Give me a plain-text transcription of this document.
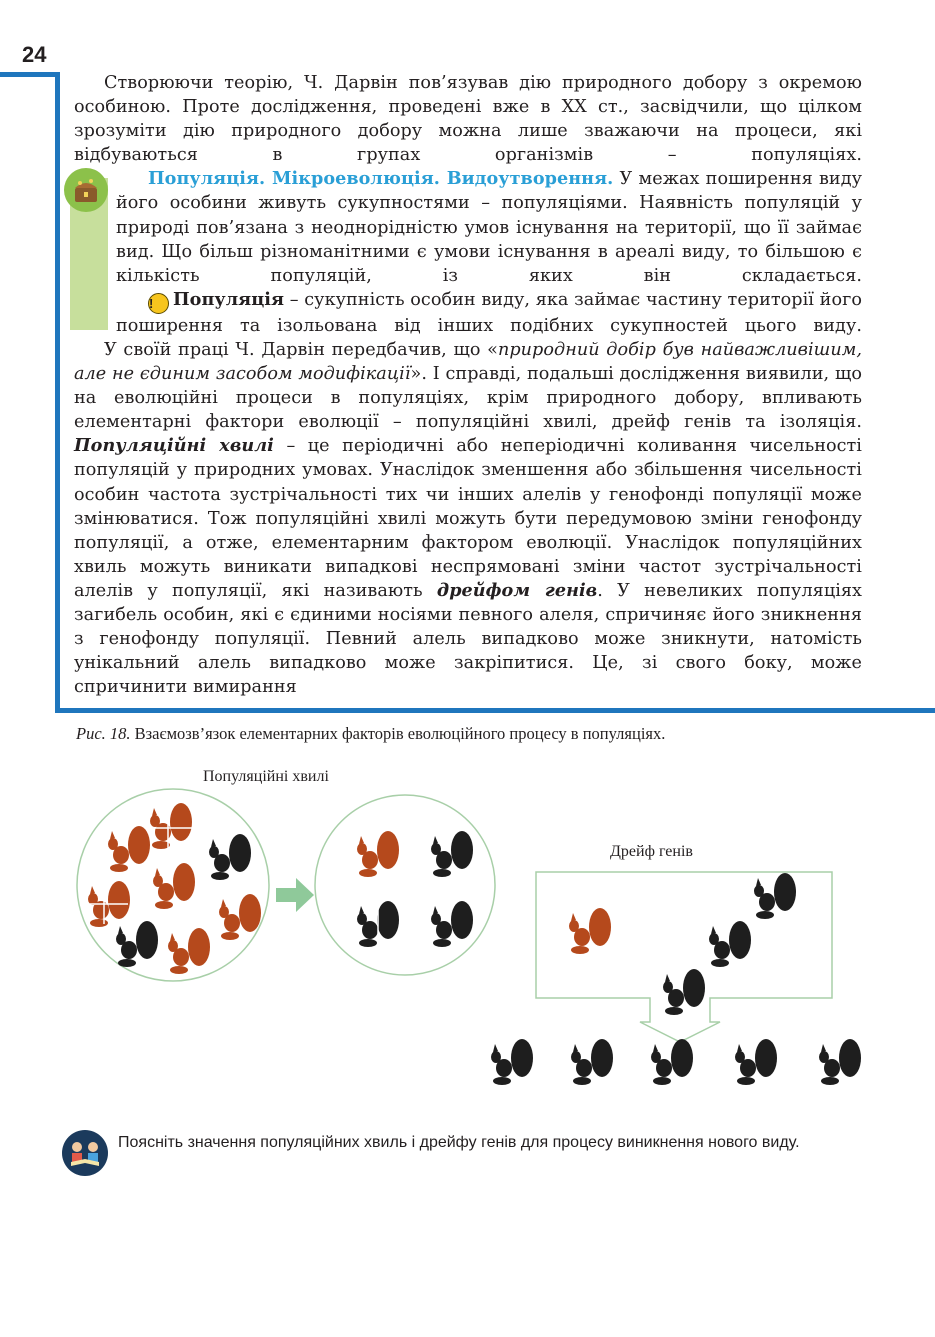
24

Створюючи теорію, Ч. Дарвін пов’язував дію природного добору з окремою особиною. Проте дослідження, проведені вже в XX ст., засвідчили, що цілком зрозуміти дію природного добору можна лише зважаючи на процеси, які відбуваються в групах організмів – популяціях.

Популяція. Мікроеволюція. Видоутворення. У межах поширення виду його особини живуть сукупностями – популяціями. Наявність популяцій у природі пов’язана з неоднорідністю умов існування на території, що її займає вид. Що більш різноманітними є умови існування в ареалі виду, то більшою є кількість популяцій, із яких він складається.

! Популяція – сукупність особин виду, яка займає частину території його поширення та ізольована від інших подібних сукупностей цього виду.

У своїй праці Ч. Дарвін передбачив, що «природний добір був найважливішим, але не єдиним засобом модифікації». І справді, подальші дослідження виявили, що на еволюційні процеси в популяціях, крім природного добору, впливають елементарні фактори еволюції – популяційні хвилі, дрейф генів та ізоляція. Популяційні хвилі – це періодичні або неперіодичні коливання чисельності популяцій у природних умовах. Унаслідок зменшення або збільшення чисельності особин частота зустрічальності тих чи інших алелів у генофонді популяції може змінюватися. Тож популяційні хвилі можуть бути передумовою зміни генофонду популяції, а отже, елементарним фактором еволюції. Унаслідок популяційних хвиль можуть виникати випадкові неспрямовані зміни частот зустрічальності алелів у популяції, які називають дрейфом генів. У невеликих популяціях загибель особин, які є єдиними носіями певного алеля, спричиняє його зникнення з генофонду популяції. Певний алель випадково може зникнути, натомість унікальний алель випадково може закріпитися. Це, зі свого боку, може спричинити вимирання

Рис. 18. Взаємозв’язок елементарних факторів еволюційного процесу в популяціях.
Популяційні хвилі
Дрейф генів
Поясніть значення популяційних хвиль і дрейфу генів для процесу виникнення нового виду.
